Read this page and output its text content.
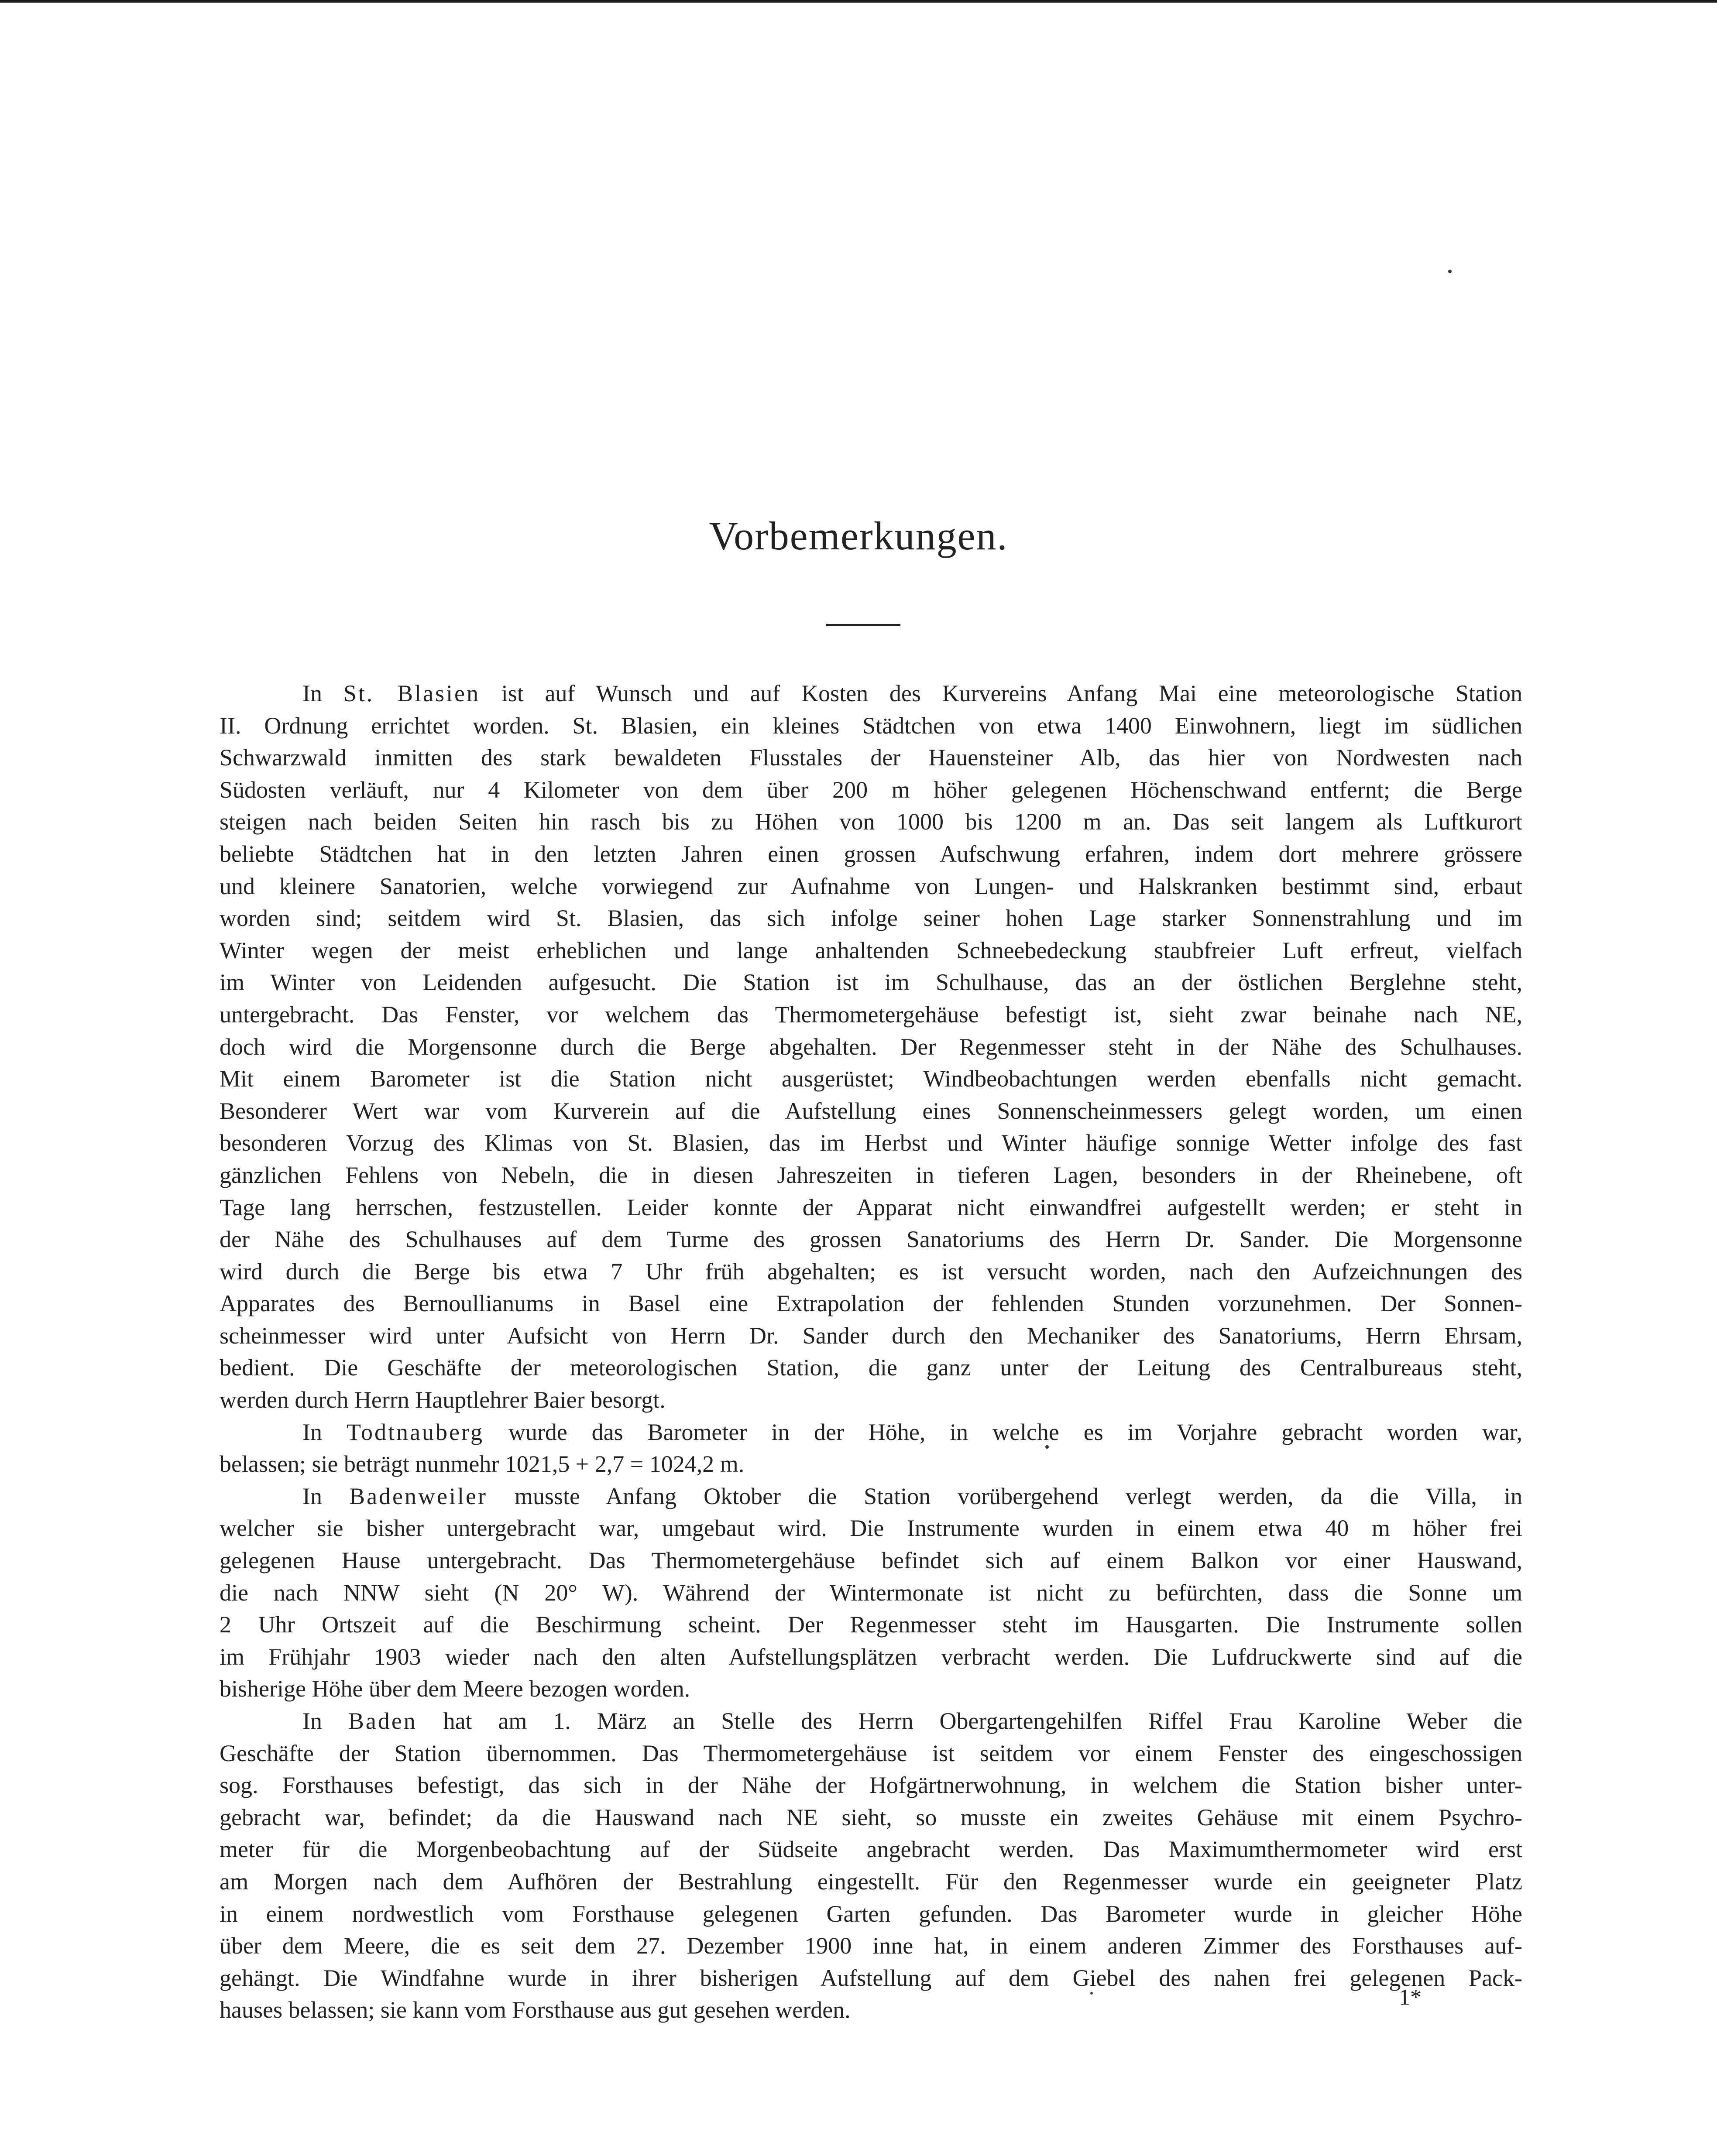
Vorbemerkungen.
In St. Blasien ist auf Wunsch und auf Kosten des Kurvereins Anfang Mai eine meteorologische Station
II. Ordnung errichtet worden. St. Blasien, ein kleines Städtchen von etwa 1400 Einwohnern, liegt im südlichen
Schwarzwald inmitten des stark bewaldeten Flusstales der Hauensteiner Alb, das hier von Nordwesten nach
Südosten verläuft, nur 4 Kilometer von dem über 200 m höher gelegenen Höchenschwand entfernt; die Berge
steigen nach beiden Seiten hin rasch bis zu Höhen von 1000 bis 1200 m an. Das seit langem als Luftkurort
beliebte Städtchen hat in den letzten Jahren einen grossen Aufschwung erfahren, indem dort mehrere grössere
und kleinere Sanatorien, welche vorwiegend zur Aufnahme von Lungen- und Halskranken bestimmt sind, erbaut
worden sind; seitdem wird St. Blasien, das sich infolge seiner hohen Lage starker Sonnenstrahlung und im
Winter wegen der meist erheblichen und lange anhaltenden Schneebedeckung staubfreier Luft erfreut, vielfach
im Winter von Leidenden aufgesucht. Die Station ist im Schulhause, das an der östlichen Berglehne steht,
untergebracht. Das Fenster, vor welchem das Thermometergehäuse befestigt ist, sieht zwar beinahe nach NE,
doch wird die Morgensonne durch die Berge abgehalten. Der Regenmesser steht in der Nähe des Schulhauses.
Mit einem Barometer ist die Station nicht ausgerüstet; Windbeobachtungen werden ebenfalls nicht gemacht.
Besonderer Wert war vom Kurverein auf die Aufstellung eines Sonnenscheinmessers gelegt worden, um einen
besonderen Vorzug des Klimas von St. Blasien, das im Herbst und Winter häufige sonnige Wetter infolge des fast
gänzlichen Fehlens von Nebeln, die in diesen Jahreszeiten in tieferen Lagen, besonders in der Rheinebene, oft
Tage lang herrschen, festzustellen. Leider konnte der Apparat nicht einwandfrei aufgestellt werden; er steht in
der Nähe des Schulhauses auf dem Turme des grossen Sanatoriums des Herrn Dr. Sander. Die Morgensonne
wird durch die Berge bis etwa 7 Uhr früh abgehalten; es ist versucht worden, nach den Aufzeichnungen des
Apparates des Bernoullianums in Basel eine Extrapolation der fehlenden Stunden vorzunehmen. Der Sonnen-
scheinmesser wird unter Aufsicht von Herrn Dr. Sander durch den Mechaniker des Sanatoriums, Herrn Ehrsam,
bedient. Die Geschäfte der meteorologischen Station, die ganz unter der Leitung des Centralbureaus steht,
werden durch Herrn Hauptlehrer Baier besorgt.
In Todtnauberg wurde das Barometer in der Höhe, in welche es im Vorjahre gebracht worden war,
belassen; sie beträgt nunmehr 1021,5 + 2,7 = 1024,2 m.
In Badenweiler musste Anfang Oktober die Station vorübergehend verlegt werden, da die Villa, in
welcher sie bisher untergebracht war, umgebaut wird. Die Instrumente wurden in einem etwa 40 m höher frei
gelegenen Hause untergebracht. Das Thermometergehäuse befindet sich auf einem Balkon vor einer Hauswand,
die nach NNW sieht (N 20° W). Während der Wintermonate ist nicht zu befürchten, dass die Sonne um
2 Uhr Ortszeit auf die Beschirmung scheint. Der Regenmesser steht im Hausgarten. Die Instrumente sollen
im Frühjahr 1903 wieder nach den alten Aufstellungsplätzen verbracht werden. Die Lufdruckwerte sind auf die
bisherige Höhe über dem Meere bezogen worden.
In Baden hat am 1. März an Stelle des Herrn Obergartengehilfen Riffel Frau Karoline Weber die
Geschäfte der Station übernommen. Das Thermometergehäuse ist seitdem vor einem Fenster des eingeschossigen
sog. Forsthauses befestigt, das sich in der Nähe der Hofgärtnerwohnung, in welchem die Station bisher unter-
gebracht war, befindet; da die Hauswand nach NE sieht, so musste ein zweites Gehäuse mit einem Psychro-
meter für die Morgenbeobachtung auf der Südseite angebracht werden. Das Maximumthermometer wird erst
am Morgen nach dem Aufhören der Bestrahlung eingestellt. Für den Regenmesser wurde ein geeigneter Platz
in einem nordwestlich vom Forsthause gelegenen Garten gefunden. Das Barometer wurde in gleicher Höhe
über dem Meere, die es seit dem 27. Dezember 1900 inne hat, in einem anderen Zimmer des Forsthauses auf-
gehängt. Die Windfahne wurde in ihrer bisherigen Aufstellung auf dem Giebel des nahen frei gelegenen Pack-
hauses belassen; sie kann vom Forsthause aus gut gesehen werden.	1*
